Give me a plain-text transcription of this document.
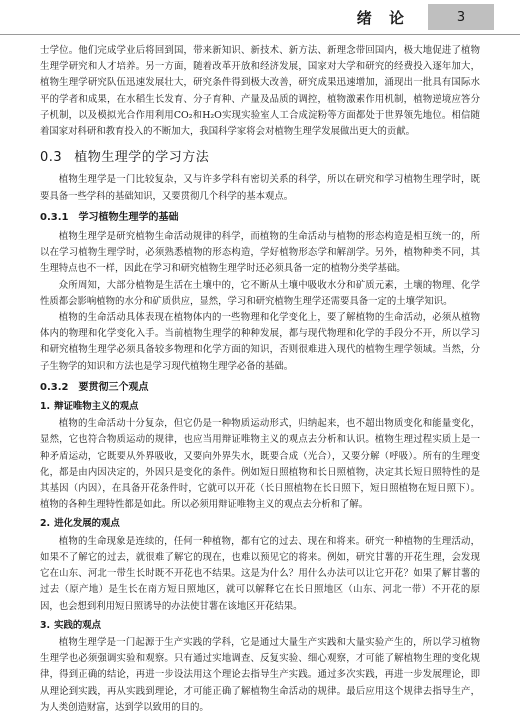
绪 论	3

士学位。他们完成学业后将回到国，带来新知识、新技术、新方法、新理念带回国内，极大地促进了植物生理学研究和人才培养。另一方面，随着改革开放和经济发展，国家对大学和研究的经费投入逐年加大，植物生理学研究队伍迅速发展壮大，研究条件得到极大改善，研究成果迅速增加，涌现出一批具有国际水平的学者和成果，在水稻生长发育、分子育种、产量及品质的调控，植物激素作用机制，植物逆境应答分子机制，以及模拟光合作用利用CO₂和H₂O实现实验室人工合成淀粉等方面都处于世界领先地位。相信随着国家对科研和教育投入的不断加大，我国科学家将会对植物生理学发展做出更大的贡献。

0.3 植物生理学的学习方法

植物生理学是一门比较复杂，又与许多学科有密切关系的科学，所以在研究和学习植物生理学时，既要具备一些学科的基础知识，又要贯彻几个科学的基本观点。

0.3.1 学习植物生理学的基础

植物生理学是研究植物生命活动规律的科学，而植物的生命活动与植物的形态构造是相互统一的，所以在学习植物生理学时，必须熟悉植物的形态构造，学好植物形态学和解剖学。另外，植物种类不同，其生理特点也不一样，因此在学习和研究植物生理学时还必须具备一定的植物分类学基础。

众所周知，大部分植物是生活在土壤中的，它不断从土壤中吸收水分和矿质元素，土壤的物理、化学性质都会影响植物的水分和矿质供应，显然，学习和研究植物生理学还需要具备一定的土壤学知识。

植物的生命活动具体表现在植物体内的一些物理和化学变化上，要了解植物的生命活动，必须从植物体内的物理和化学变化入手。当前植物生理学的种种发展，都与现代物理和化学的手段分不开，所以学习和研究植物生理学必须具备较多物理和化学方面的知识，否则很难进入现代的植物生理学领域。当然，分子生物学的知识和方法也是学习现代植物生理学必备的基础。

0.3.2 要贯彻三个观点
1. 辩证唯物主义的观点

植物的生命活动十分复杂，但它仍是一种物质运动形式，归纳起来，也不超出物质变化和能量变化，显然，它也符合物质运动的规律，也应当用辩证唯物主义的观点去分析和认识。植物生理过程实质上是一种矛盾运动，它既要从外界吸收，又要向外界失水，既要合成（光合），又要分解（呼吸）。所有的生理变化，都是由内因决定的，外因只是变化的条件。例如短日照植物和长日照植物，决定其长短日照特性的是其基因（内因），在具备开花条件时，它就可以开花（长日照植物在长日照下，短日照植物在短日照下）。植物的各种生理特性都是如此。所以必须用辩证唯物主义的观点去分析和了解。

2. 进化发展的观点

植物的生命现象是连续的，任何一种植物，都有它的过去、现在和将来。研究一种植物的生理活动，如果不了解它的过去，就很难了解它的现在，也难以预见它的将来。例如，研究甘薯的开花生理，会发现它在山东、河北一带生长时既不开花也不结果。这是为什么？用什么办法可以让它开花？如果了解甘薯的过去（原产地）是生长在南方短日照地区，就可以解释它在长日照地区（山东、河北一带）不开花的原因，也会想到利用短日照诱导的办法使甘薯在该地区开花结果。

3. 实践的观点

植物生理学是一门起源于生产实践的学科，它是通过大量生产实践和大量实验产生的，所以学习植物生理学也必须强调实验和观察。只有通过实地调查、反复实验、细心观察，才可能了解植物生理的变化规律，得到正确的结论，再进一步设法用这个理论去指导生产实践。通过多次实践，再进一步发展理论，即从理论到实践，再从实践到理论，才可能正确了解植物生命活动的规律。最后应用这个规律去指导生产，为人类创造财富，达到学以致用的目的。
